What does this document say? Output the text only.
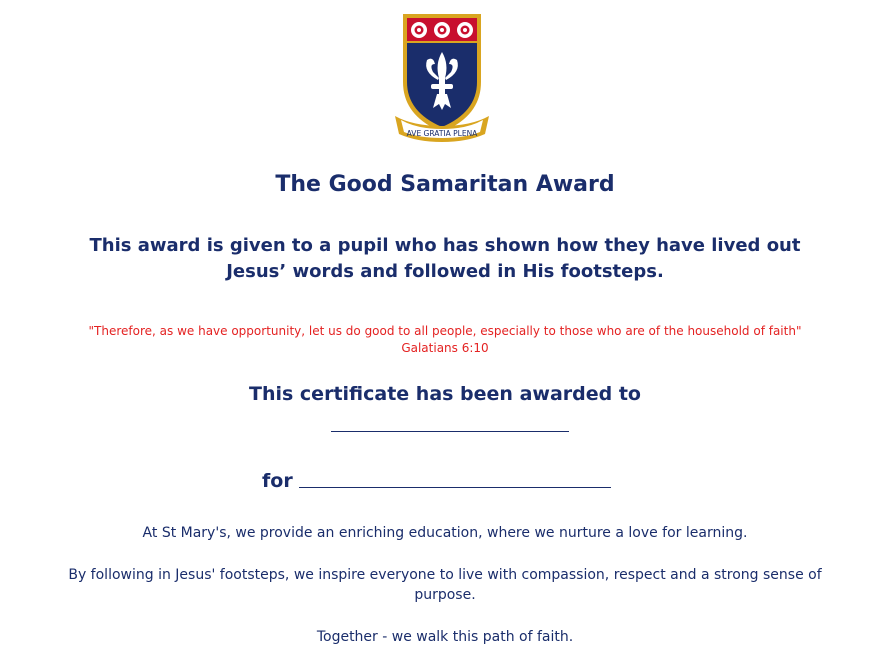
AVE GRATIA PLENA
The Good Samaritan Award
This award is given to a pupil who has shown how they have lived out Jesus’ words and followed in His footsteps.
"Therefore, as we have opportunity, let us do good to all people, especially to those who are of the household of faith"
Galatians 6:10
This certificate has been awarded to
for
At St Mary's, we provide an enriching education, where we nurture a love for learning.
By following in Jesus' footsteps, we inspire everyone to live with compassion, respect and a strong sense of purpose.
Together - we walk this path of faith.
